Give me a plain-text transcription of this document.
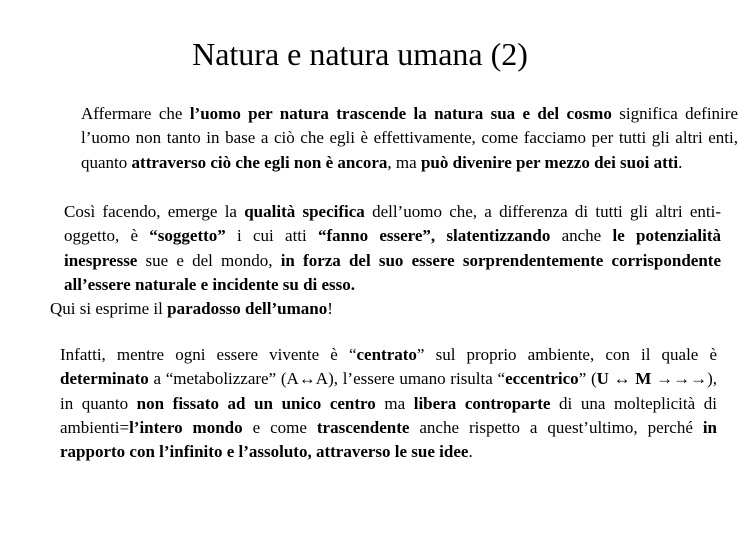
Natura e natura umana (2)

Affermare che l’uomo per natura trascende la natura sua e del cosmo significa definire l’uomo non tanto in base a ciò che egli è effettivamente, come facciamo per tutti gli altri enti, quanto attraverso ciò che egli non è ancora, ma può divenire per mezzo dei suoi atti.

Così facendo, emerge la qualità specifica dell’uomo che, a differenza di tutti gli altri enti-oggetto, è “soggetto” i cui atti “fanno essere”, slatentizzando anche le potenzialità inespresse sue e del mondo, in forza del suo essere sorprendentemente corrispondente all’essere naturale e incidente su di esso.

Qui si esprime il paradosso dell’umano!

Infatti, mentre ogni essere vivente è “centrato” sul proprio ambiente, con il quale è determinato a “metabolizzare” (A↔A), l’essere umano risulta “eccentrico” (U ↔ M →→→), in quanto non fissato ad un unico centro ma libera controparte di una molteplicità di ambienti=l’intero mondo e come trascendente anche rispetto a quest’ultimo, perché in rapporto con l’infinito e l’assoluto, attraverso le sue idee.
